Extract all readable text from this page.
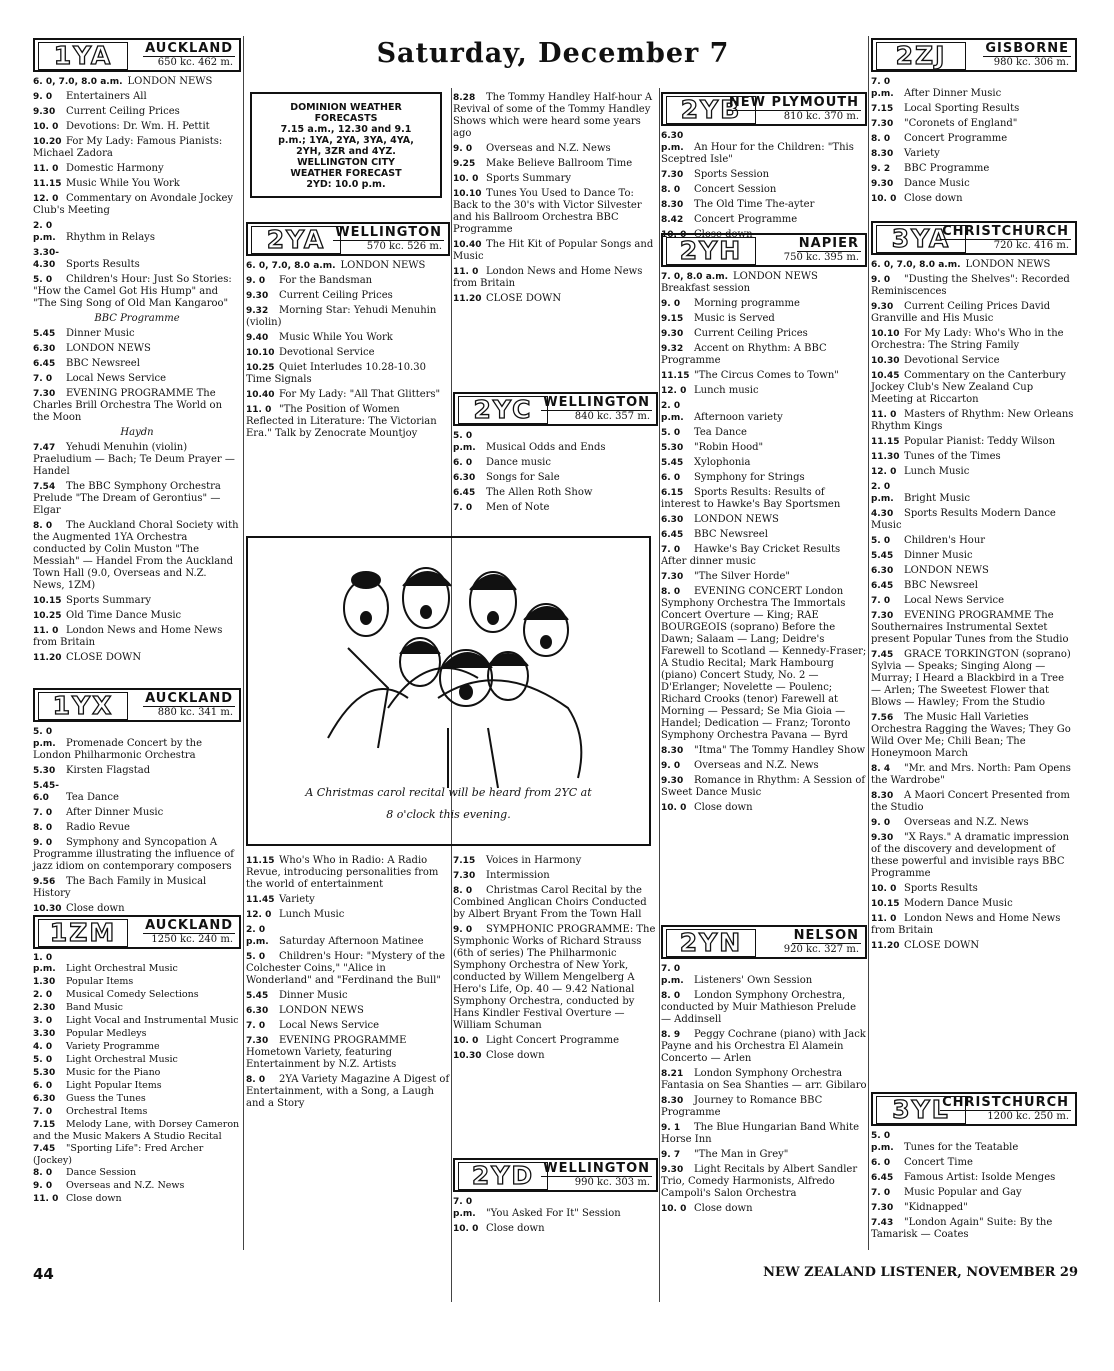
Saturday, December 7
1YA	AUCKLAND
650 kc. 462 m.
6. 0, 7.0, 8.0 a.m. LONDON NEWS
9. 0 Entertainers All
9.30 Current Ceiling Prices
10. 0 Devotions: Dr. Wm. H. Pettit
10.20 For My Lady: Famous Pianists: Michael Zadora
11. 0 Domestic Harmony
11.15 Music While You Work
12. 0 Commentary on Avondale Jockey Club's Meeting
2. 0 p.m. Rhythm in Relays
3.30-4.30 Sports Results
5. 0 Children's Hour: Just So Stories: "How the Camel Got His Hump" and "The Sing Song of Old Man Kangaroo"
BBC Programme
5.45 Dinner Music
6.30 LONDON NEWS
6.45 BBC Newsreel
7. 0 Local News Service
7.30 EVENING PROGRAMME The Charles Brill Orchestra The World on the Moon
Haydn
7.47 Yehudi Menuhin (violin) Praeludium — Bach; Te Deum Prayer — Handel
7.54 The BBC Symphony Orchestra Prelude "The Dream of Gerontius" — Elgar
8. 0 The Auckland Choral Society with the Augmented 1YA Orchestra conducted by Colin Muston "The Messiah" — Handel From the Auckland Town Hall (9.0, Overseas and N.Z. News, 1ZM)
10.15 Sports Summary
10.25 Old Time Dance Music
11. 0 London News and Home News from Britain
11.20 CLOSE DOWN
1YX	AUCKLAND
880 kc. 341 m.
5. 0 p.m. Promenade Concert by the London Philharmonic Orchestra
5.30 Kirsten Flagstad
5.45-6.0 Tea Dance
7. 0 After Dinner Music
8. 0 Radio Revue
9. 0 Symphony and Syncopation A Programme illustrating the influence of jazz idiom on contemporary composers
9.56 The Bach Family in Musical History
10.30 Close down
1ZM	AUCKLAND
1250 kc. 240 m.
1. 0 p.m. Light Orchestral Music
1.30 Popular Items
2. 0 Musical Comedy Selections
2.30 Band Music
3. 0 Light Vocal and Instrumental Music
3.30 Popular Medleys
4. 0 Variety Programme
5. 0 Light Orchestral Music
5.30 Music for the Piano
6. 0 Light Popular Items
6.30 Guess the Tunes
7. 0 Orchestral Items
7.15 Melody Lane, with Dorsey Cameron and the Music Makers A Studio Recital
7.45 "Sporting Life": Fred Archer (Jockey)
8. 0 Dance Session
9. 0 Overseas and N.Z. News
11. 0 Close down
DOMINION WEATHER
FORECASTS
7.15 a.m., 12.30 and 9.1
p.m.; 1YA, 2YA, 3YA, 4YA,
2YH, 3ZR and 4YZ.
WELLINGTON CITY
WEATHER FORECAST
2YD: 10.0 p.m.
2YA WELLINGTON
570 kc. 526 m.
6. 0, 7.0, 8.0 a.m. LONDON NEWS
9. 0 For the Bandsman
9.30 Current Ceiling Prices
9.32 Morning Star: Yehudi Menuhin (violin)
9.40 Music While You Work
10.10 Devotional Service
10.25 Quiet Interludes 10.28-10.30 Time Signals
10.40 For My Lady: "All That Glitters"
11. 0 "The Position of Women Reflected in Literature: The Victorian Era." Talk by Zenocrate Mountjoy
11.15 Who's Who in Radio: A Radio Revue, introducing personalities from the world of entertainment
11.45 Variety
12. 0 Lunch Music
2. 0 p.m. Saturday Afternoon Matinee
5. 0 Children's Hour: "Mystery of the Colchester Coins," "Alice in Wonderland" and "Ferdinand the Bull"
5.45 Dinner Music
6.30 LONDON NEWS
7. 0 Local News Service
7.30 EVENING PROGRAMME Hometown Variety, featuring Entertainment by N.Z. Artists
8. 0 2YA Variety Magazine A Digest of Entertainment, with a Song, a Laugh and a Story
A Christmas carol recital will be heard from 2YC at
8 o'clock this evening.
8.28 The Tommy Handley Half-hour A Revival of some of the Tommy Handley Shows which were heard some years ago
9. 0 Overseas and N.Z. News
9.25 Make Believe Ballroom Time
10. 0 Sports Summary
10.10 Tunes You Used to Dance To: Back to the 30's with Victor Silvester and his Ballroom Orchestra BBC Programme
10.40 The Hit Kit of Popular Songs and Music
11. 0 London News and Home News from Britain
11.20 CLOSE DOWN
2YC WELLINGTON
840 kc. 357 m.
5. 0 p.m. Musical Odds and Ends
6. 0 Dance music
6.30 Songs for Sale
6.45 The Allen Roth Show
7. 0 Men of Note
7.15 Voices in Harmony
7.30 Intermission
8. 0 Christmas Carol Recital by the Combined Anglican Choirs Conducted by Albert Bryant From the Town Hall
9. 0 SYMPHONIC PROGRAMME: The Symphonic Works of Richard Strauss (6th of series) The Philharmonic Symphony Orchestra of New York, conducted by Willem Mengelberg A Hero's Life, Op. 40 — 9.42 National Symphony Orchestra, conducted by Hans Kindler Festival Overture — William Schuman
10. 0 Light Concert Programme
10.30 Close down
2YD WELLINGTON
990 kc. 303 m.
7. 0 p.m. "You Asked For It" Session
10. 0 Close down
2YB
NEW PLYMOUTH
810 kc. 370 m.
6.30 p.m. An Hour for the Children: "This Sceptred Isle"
7.30 Sports Session
8. 0 Concert Session
8.30 The Old Time The-ayter
8.42 Concert Programme
10. 0 Close down
2YH	NAPIER
750 kc. 395 m.
7. 0, 8.0 a.m. LONDON NEWS Breakfast session
9. 0 Morning programme
9.15 Music is Served
9.30 Current Ceiling Prices
9.32 Accent on Rhythm: A BBC Programme
11.15 "The Circus Comes to Town"
12. 0 Lunch music
2. 0 p.m. Afternoon variety
5. 0 Tea Dance
5.30 "Robin Hood"
5.45 Xylophonia
6. 0 Symphony for Strings
6.15 Sports Results: Results of interest to Hawke's Bay Sportsmen
6.30 LONDON NEWS
6.45 BBC Newsreel
7. 0 Hawke's Bay Cricket Results After dinner music
7.30 "The Silver Horde"
8. 0 EVENING CONCERT London Symphony Orchestra The Immortals Concert Overture — King; RAE BOURGEOIS (soprano) Before the Dawn; Salaam — Lang; Deidre's Farewell to Scotland — Kennedy-Fraser; A Studio Recital; Mark Hambourg (piano) Concert Study, No. 2 — D'Erlanger; Novelette — Poulenc; Richard Crooks (tenor) Farewell at Morning — Pessard; Se Mia Gioia — Handel; Dedication — Franz; Toronto Symphony Orchestra Pavana — Byrd
8.30 "Itma" The Tommy Handley Show
9. 0 Overseas and N.Z. News
9.30 Romance in Rhythm: A Session of Sweet Dance Music
10. 0 Close down
2YN	NELSON
920 kc. 327 m.
7. 0 p.m. Listeners' Own Session
8. 0 London Symphony Orchestra, conducted by Muir Mathieson Prelude — Addinsell
8. 9 Peggy Cochrane (piano) with Jack Payne and his Orchestra El Alamein Concerto — Arlen
8.21 London Symphony Orchestra Fantasia on Sea Shanties — arr. Gibilaro
8.30 Journey to Romance BBC Programme
9. 1 The Blue Hungarian Band White Horse Inn
9. 7 "The Man in Grey"
9.30 Light Recitals by Albert Sandler Trio, Comedy Harmonists, Alfredo Campoli's Salon Orchestra
10. 0 Close down
2ZJ	GISBORNE
980 kc. 306 m.
7. 0 p.m. After Dinner Music
7.15 Local Sporting Results
7.30 "Coronets of England"
8. 0 Concert Programme
8.30 Variety
9. 2 BBC Programme
9.30 Dance Music
10. 0 Close down
3YA
CHRISTCHURCH
720 kc. 416 m.
6. 0, 7.0, 8.0 a.m. LONDON NEWS
9. 0 "Dusting the Shelves": Recorded Reminiscences
9.30 Current Ceiling Prices David Granville and His Music
10.10 For My Lady: Who's Who in the Orchestra: The String Family
10.30 Devotional Service
10.45 Commentary on the Canterbury Jockey Club's New Zealand Cup Meeting at Riccarton
11. 0 Masters of Rhythm: New Orleans Rhythm Kings
11.15 Popular Pianist: Teddy Wilson
11.30 Tunes of the Times
12. 0 Lunch Music
2. 0 p.m. Bright Music
4.30 Sports Results Modern Dance Music
5. 0 Children's Hour
5.45 Dinner Music
6.30 LONDON NEWS
6.45 BBC Newsreel
7. 0 Local News Service
7.30 EVENING PROGRAMME The Southernaires Instrumental Sextet present Popular Tunes from the Studio
7.45 GRACE TORKINGTON (soprano) Sylvia — Speaks; Singing Along — Murray; I Heard a Blackbird in a Tree — Arlen; The Sweetest Flower that Blows — Hawley; From the Studio
7.56 The Music Hall Varieties Orchestra Ragging the Waves; They Go Wild Over Me; Chili Bean; The Honeymoon March
8. 4 "Mr. and Mrs. North: Pam Opens the Wardrobe"
8.30 A Maori Concert Presented from the Studio
9. 0 Overseas and N.Z. News
9.30 "X Rays." A dramatic impression of the discovery and development of these powerful and invisible rays BBC Programme
10. 0 Sports Results
10.15 Modern Dance Music
11. 0 London News and Home News from Britain
11.20 CLOSE DOWN
3YL
CHRISTCHURCH
1200 kc. 250 m.
5. 0 p.m. Tunes for the Teatable
6. 0 Concert Time
6.45 Famous Artist: Isolde Menges
7. 0 Music Popular and Gay
7.30 "Kidnapped"
7.43 "London Again" Suite: By the Tamarisk — Coates
44	NEW ZEALAND LISTENER, NOVEMBER 29
